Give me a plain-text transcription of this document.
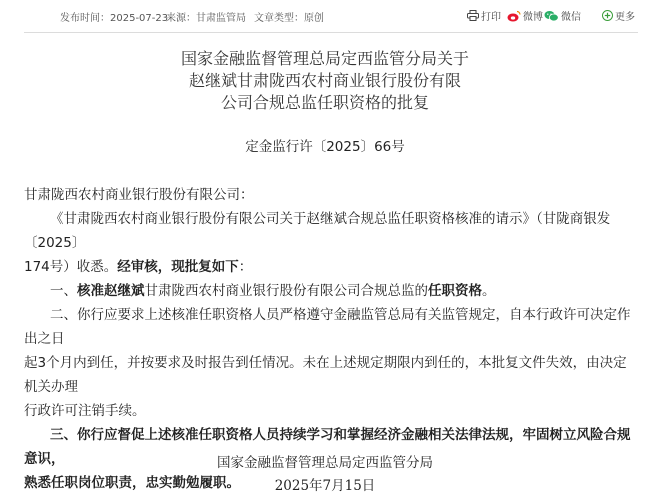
发布时间：2025-07-23
来源：甘肃监管局 文章类型：原创	打印 微博 微信	更多
国家金融监督管理总局定西监管分局关于
赵继斌甘肃陇西农村商业银行股份有限
公司合规总监任职资格的批复
定金监行许〔2025〕66号

甘肃陇西农村商业银行股份有限公司：

《甘肃陇西农村商业银行股份有限公司关于赵继斌合规总监任职资格核准的请示》（甘陇商银发〔2025〕
174号）收悉。经审核，现批复如下：

一、核准赵继斌甘肃陇西农村商业银行股份有限公司合规总监的任职资格。

二、你行应要求上述核准任职资格人员严格遵守金融监管总局有关监管规定，自本行政许可决定作出之日
起3个月内到任，并按要求及时报告到任情况。未在上述规定期限内到任的，本批复文件失效，由决定机关办理
行政许可注销手续。

三、你行应督促上述核准任职资格人员持续学习和掌握经济金融相关法律法规，牢固树立风险合规意识，
熟悉任职岗位职责，忠实勤勉履职。

国家金融监督管理总局定西监管分局
2025年7月15日
